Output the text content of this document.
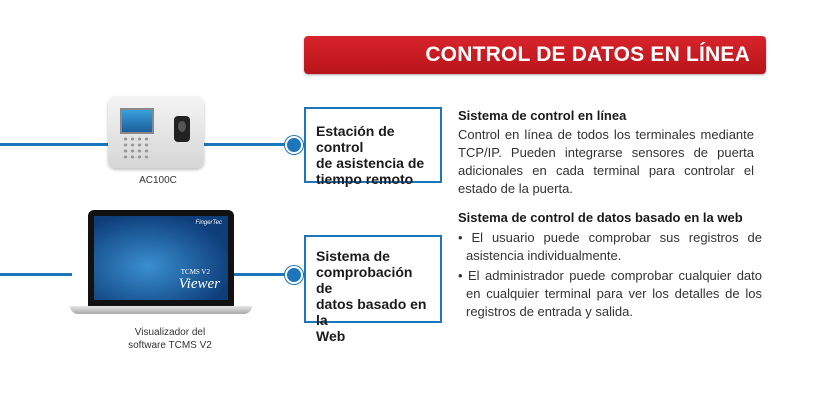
CONTROL DE DATOS EN LÍNEA
AC100C
FingerTec
TCMS V2
Viewer
Visualizador del
software TCMS V2
Estación de control
de asistencia de
tiempo remoto
Sistema de
comprobación de
datos basado en la
Web
Sistema de control en línea
Control en línea de todos los terminales mediante TCP/IP. Pueden integrarse sensores de puerta adicionales en cada terminal para controlar el estado de la puerta.
Sistema de control de datos basado en la web
• El usuario puede comprobar sus registros de asistencia individualmente.
• El administrador puede comprobar cualquier dato en cualquier terminal para ver los detalles de los registros de entrada y salida.
